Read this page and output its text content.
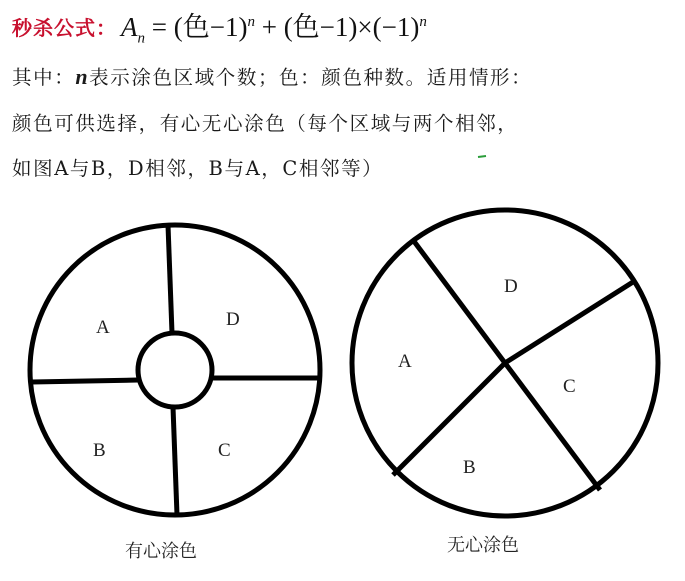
秒杀公式： $A_n$ = (色−1)$^n$ + (色$-1)\times(-1)^n$
其中：n表示涂色区域个数；色：颜色种数。适用情形：
颜色可供选择，有心无心涂色（每个区域与两个相邻，
如图A与B，D相邻，B与A，C相邻等）
A	D
B	C
有心涂色
D
A
C
B
无心涂色
